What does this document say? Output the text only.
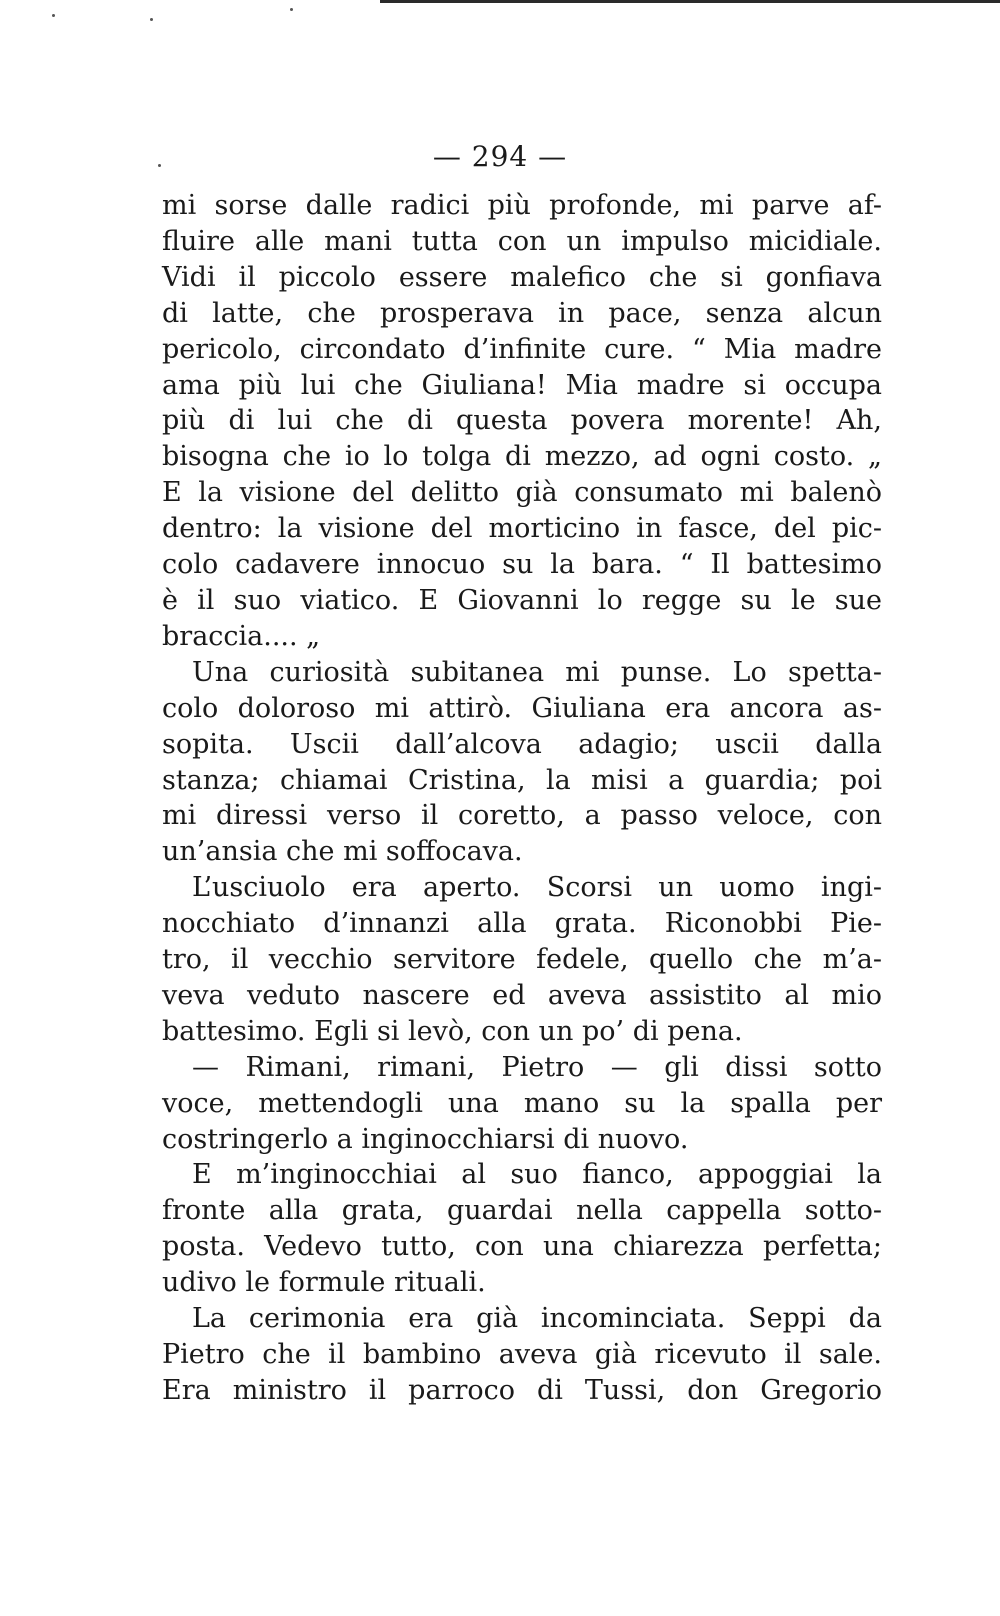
— 294 —
mi sorse dalle radici più profonde, mi parve af-
fluire alle mani tutta con un impulso micidiale.
Vidi il piccolo essere malefico che si gonfiava
di latte, che prosperava in pace, senza alcun
pericolo, circondato d’infinite cure. “ Mia madre
ama più lui che Giuliana! Mia madre si occupa
più di lui che di questa povera morente! Ah,
bisogna che io lo tolga di mezzo, ad ogni costo. „
E la visione del delitto già consumato mi balenò
dentro: la visione del morticino in fasce, del pic-
colo cadavere innocuo su la bara. “ Il battesimo
è il suo viatico. E Giovanni lo regge su le sue
braccia.... „
Una curiosità subitanea mi punse. Lo spetta-
colo doloroso mi attirò. Giuliana era ancora as-
sopita. Uscii dall’alcova adagio; uscii dalla
stanza; chiamai Cristina, la misi a guardia; poi
mi diressi verso il coretto, a passo veloce, con
un’ansia che mi soffocava.
L’usciuolo era aperto. Scorsi un uomo ingi-
nocchiato d’innanzi alla grata. Riconobbi Pie-
tro, il vecchio servitore fedele, quello che m’a-
veva veduto nascere ed aveva assistito al mio
battesimo. Egli si levò, con un po’ di pena.
— Rimani, rimani, Pietro — gli dissi sotto
voce, mettendogli una mano su la spalla per
costringerlo a inginocchiarsi di nuovo.
E m’inginocchiai al suo fianco, appoggiai la
fronte alla grata, guardai nella cappella sotto-
posta. Vedevo tutto, con una chiarezza perfetta;
udivo le formule rituali.
La cerimonia era già incominciata. Seppi da
Pietro che il bambino aveva già ricevuto il sale.
Era ministro il parroco di Tussi, don Gregorio
